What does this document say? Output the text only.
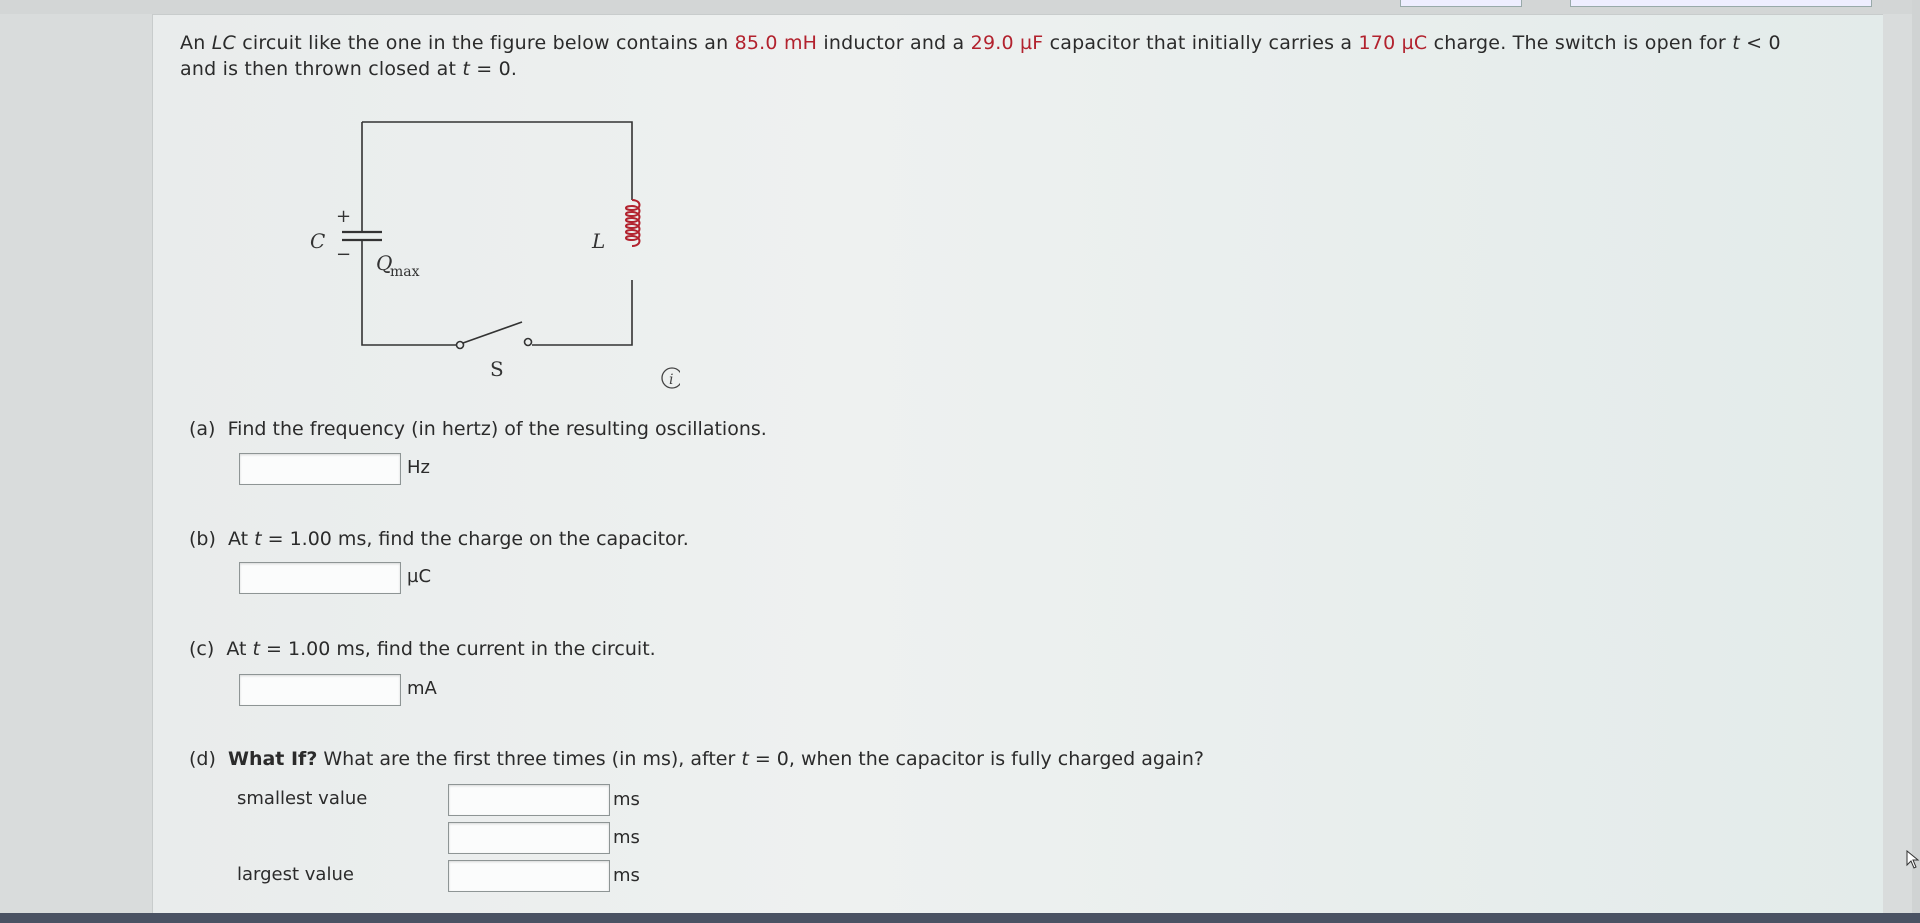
An LC circuit like the one in the figure below contains an 85.0 mH inductor and a 29.0 µF capacitor that initially carries a 170 µC charge. The switch is open for t < 0
and is then thrown closed at t = 0.
C
+
− Q
max
L
S	i
(a) Find the frequency (in hertz) of the resulting oscillations.
Hz
(b) At t = 1.00 ms, find the charge on the capacitor.
µC
(c) At t = 1.00 ms, find the current in the circuit.
mA
(d) What If? What are the first three times (in ms), after t = 0, when the capacitor is fully charged again?
smallest value	ms
ms
largest value	ms
